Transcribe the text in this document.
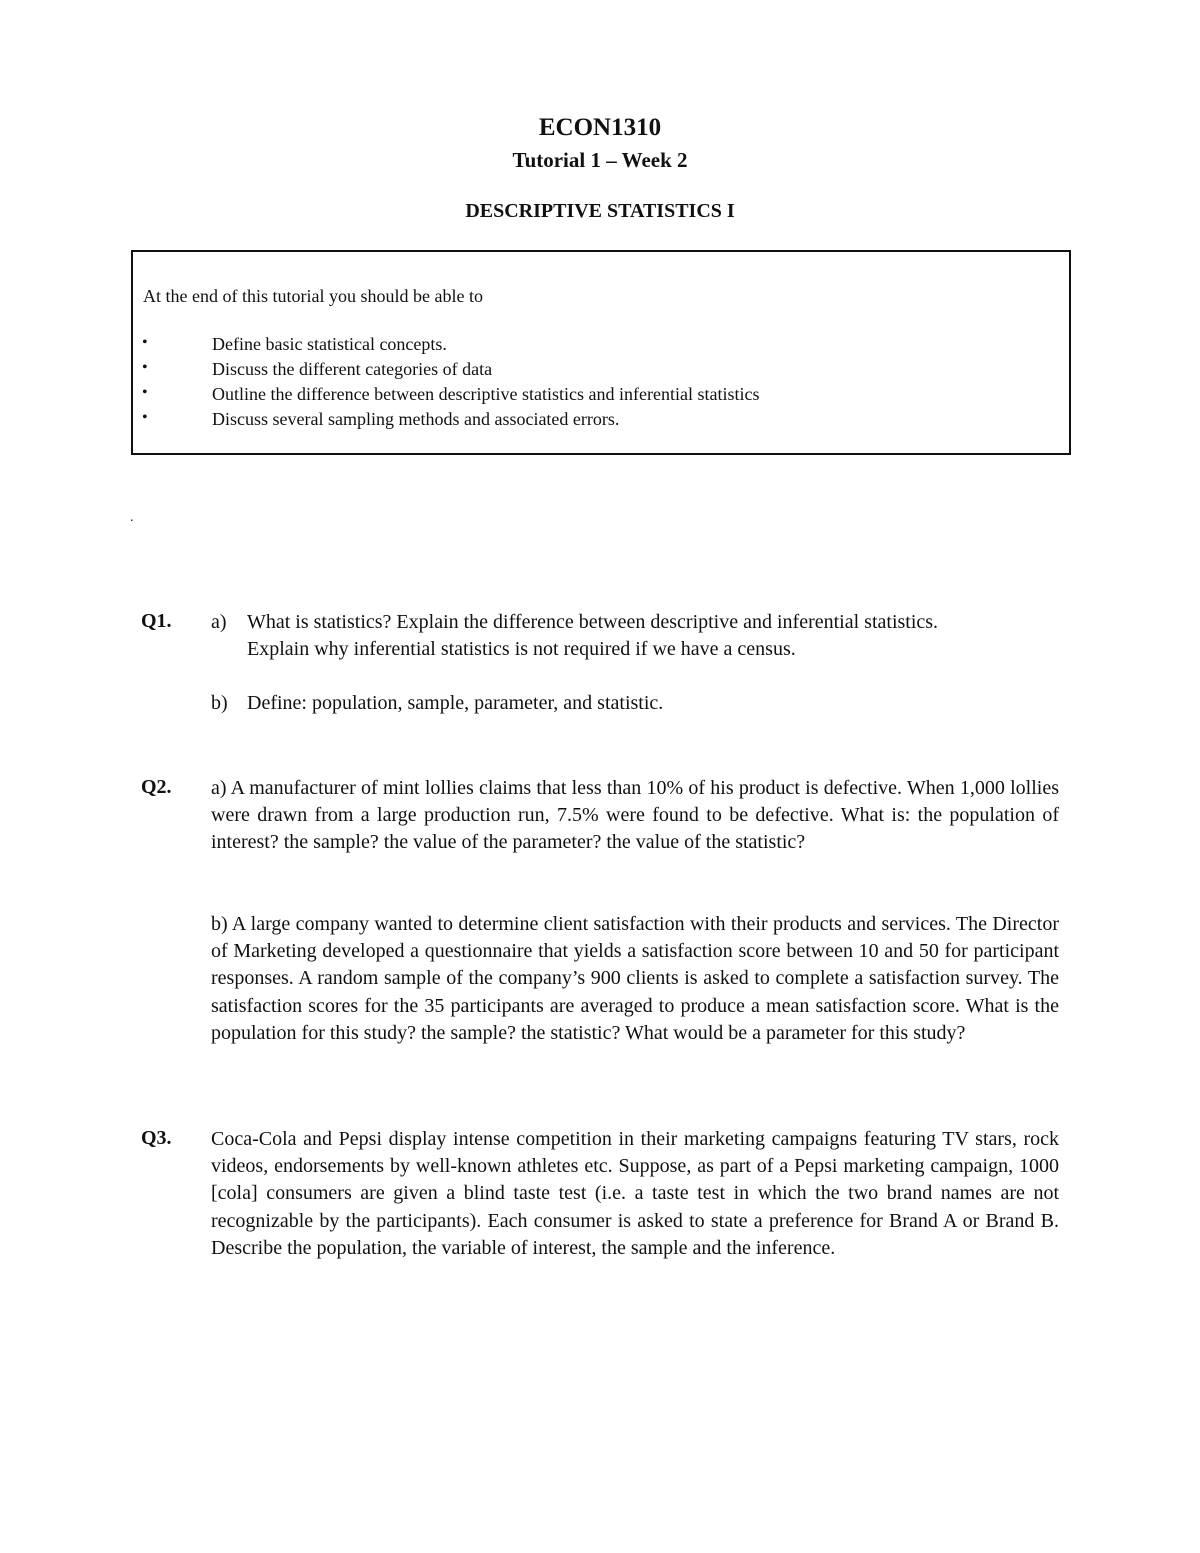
ECON1310
Tutorial 1 – Week 2
DESCRIPTIVE STATISTICS I
At the end of this tutorial you should be able to
•	Define basic statistical concepts.
•	Discuss the different categories of data
•	Outline the difference between descriptive statistics and inferential statistics
•	Discuss several sampling methods and associated errors.
.
Q1. a) What is statistics? Explain the difference between descriptive and inferential statistics.
Explain why inferential statistics is not required if we have a census.
b) Define: population, sample, parameter, and statistic.
Q2. a) A manufacturer of mint lollies claims that less than 10% of his product is defective. When 1,000 lollies were drawn from a large production run, 7.5% were found to be defective. What is: the population of interest? the sample? the value of the parameter? the value of the statistic?
b) A large company wanted to determine client satisfaction with their products and services. The Director of Marketing developed a questionnaire that yields a satisfaction score between 10 and 50 for participant responses. A random sample of the company’s 900 clients is asked to complete a satisfaction survey. The satisfaction scores for the 35 participants are averaged to produce a mean satisfaction score. What is the population for this study? the sample? the statistic? What would be a parameter for this study?
Q3. Coca-Cola and Pepsi display intense competition in their marketing campaigns featuring TV stars, rock videos, endorsements by well-known athletes etc. Suppose, as part of a Pepsi marketing campaign, 1000 [cola] consumers are given a blind taste test (i.e. a taste test in which the two brand names are not recognizable by the participants). Each consumer is asked to state a preference for Brand A or Brand B. Describe the population, the variable of interest, the sample and the inference.
